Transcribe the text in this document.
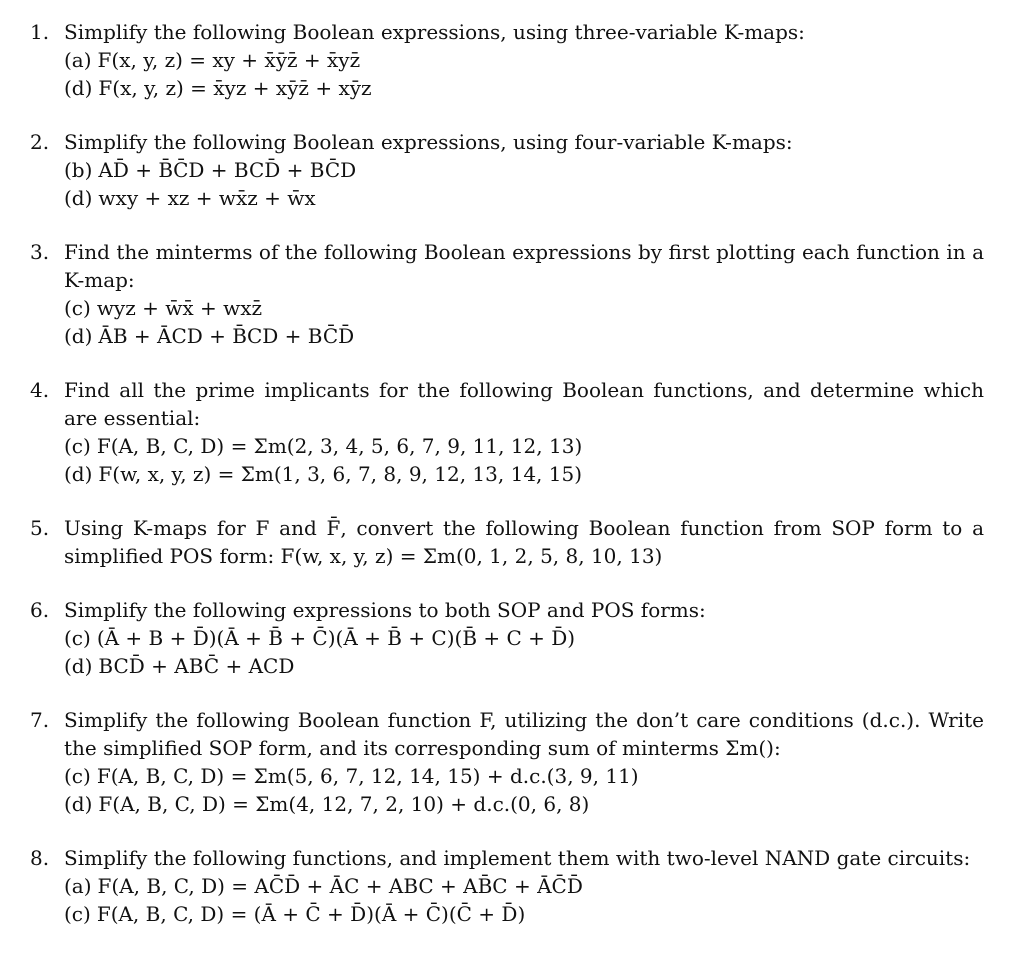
1. Simplify the following Boolean expressions, using three-variable K-maps:
(a) F(x, y, z) = xy + x̄ȳz̄ + x̄yz̄
(d) F(x, y, z) = x̄yz + xȳz̄ + xȳz
2. Simplify the following Boolean expressions, using four-variable K-maps:
(b) AD̄ + B̄C̄D + BCD̄ + BC̄D
(d) wxy + xz + wx̄z + w̄x
3. Find the minterms of the following Boolean expressions by first plotting each function in a K-map:
(c) wyz + w̄x̄ + wxz̄
(d) ĀB + ĀCD + B̄CD + BC̄D̄
4. Find all the prime implicants for the following Boolean functions, and determine which are essential:
(c) F(A, B, C, D) = Σm(2, 3, 4, 5, 6, 7, 9, 11, 12, 13)
(d) F(w, x, y, z) = Σm(1, 3, 6, 7, 8, 9, 12, 13, 14, 15)
5. Using K-maps for F and F̄, convert the following Boolean function from SOP form to a simplified POS form: F(w, x, y, z) = Σm(0, 1, 2, 5, 8, 10, 13)
6. Simplify the following expressions to both SOP and POS forms:
(c) (Ā + B + D̄)(Ā + B̄ + C̄)(Ā + B̄ + C)(B̄ + C + D̄)
(d) BCD̄ + ABC̄ + ACD
7. Simplify the following Boolean function F, utilizing the don’t care conditions (d.c.). Write the simplified SOP form, and its corresponding sum of minterms Σm():
(c) F(A, B, C, D) = Σm(5, 6, 7, 12, 14, 15) + d.c.(3, 9, 11)
(d) F(A, B, C, D) = Σm(4, 12, 7, 2, 10) + d.c.(0, 6, 8)
8. Simplify the following functions, and implement them with two-level NAND gate circuits:
(a) F(A, B, C, D) = AC̄D̄ + ĀC + ABC + AB̄C + ĀC̄D̄
(c) F(A, B, C, D) = (Ā + C̄ + D̄)(Ā + C̄)(C̄ + D̄)
